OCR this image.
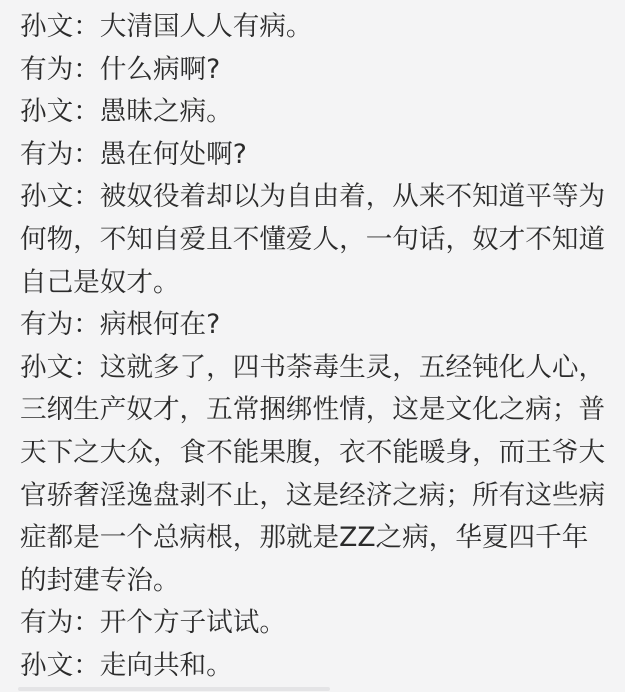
孙文：大清国人人有病。

有为：什么病啊?

孙文：愚昧之病。

有为：愚在何处啊?

孙文：被奴役着却以为自由着，从来不知道平等为何物，不知自爱且不懂爱人，一句话，奴才不知道自己是奴才。

有为：病根何在?

孙文：这就多了，四书荼毒生灵，五经钝化人心，三纲生产奴才，五常捆绑性情，这是文化之病；普天下之大众，食不能果腹，衣不能暖身，而王爷大官骄奢淫逸盘剥不止，这是经济之病；所有这些病症都是一个总病根，那就是ZZ之病，华夏四千年的封建专治。

有为：开个方子试试。

孙文：走向共和。
